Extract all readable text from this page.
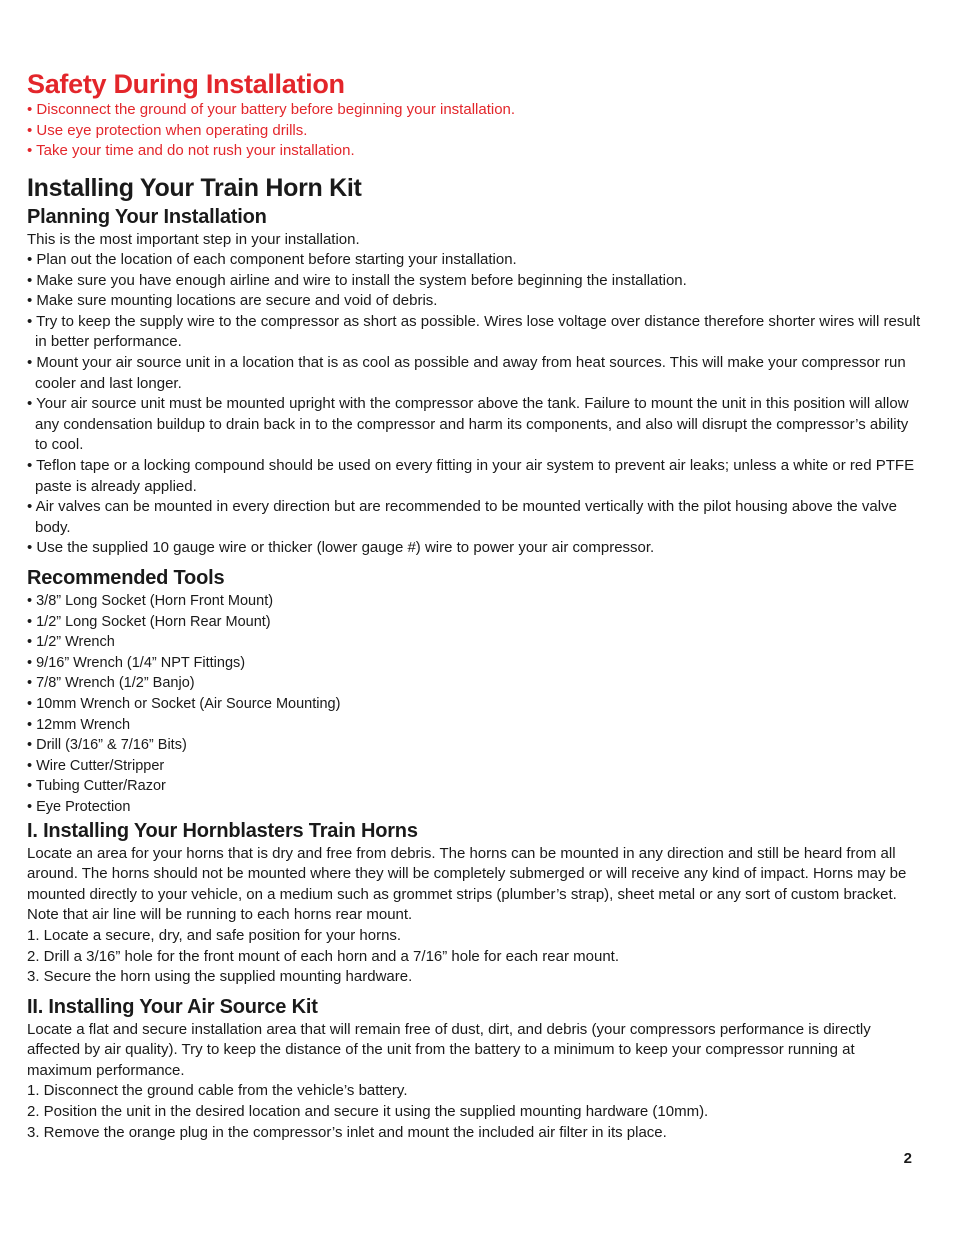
Safety During Installation

• Disconnect the ground of your battery before beginning your installation.

• Use eye protection when operating drills.

• Take your time and do not rush your installation.

Installing Your Train Horn Kit
Planning Your Installation

This is the most important step in your installation.

• Plan out the location of each component before starting your installation.

• Make sure you have enough airline and wire to install the system before beginning the installation.

• Make sure mounting locations are secure and void of debris.

• Try to keep the supply wire to the compressor as short as possible. Wires lose voltage over distance therefore shorter wires will result in better performance.

• Mount your air source unit in a location that is as cool as possible and away from heat sources. This will make your compressor run cooler and last longer.

• Your air source unit must be mounted upright with the compressor above the tank. Failure to mount the unit in this position will allow any condensation buildup to drain back in to the compressor and harm its components, and also will disrupt the compressor’s ability to cool.

• Teflon tape or a locking compound should be used on every fitting in your air system to prevent air leaks; unless a white or red PTFE paste is already applied.

• Air valves can be mounted in every direction but are recommended to be mounted vertically with the pilot housing above the valve body.

• Use the supplied 10 gauge wire or thicker (lower gauge #) wire to power your air compressor.

Recommended Tools

• 3/8” Long Socket (Horn Front Mount)

• 1/2” Long Socket (Horn Rear Mount)

• 1/2” Wrench

• 9/16” Wrench (1/4” NPT Fittings)

• 7/8” Wrench (1/2” Banjo)

• 10mm Wrench or Socket (Air Source Mounting)

• 12mm Wrench

• Drill (3/16” & 7/16” Bits)

• Wire Cutter/Stripper

• Tubing Cutter/Razor

• Eye Protection

I. Installing Your Hornblasters Train Horns

Locate an area for your horns that is dry and free from debris. The horns can be mounted in any direction and still be heard from all around. The horns should not be mounted where they will be completely submerged or will receive any kind of impact. Horns may be mounted directly to your vehicle, on a medium such as grommet strips (plumber’s strap), sheet metal or any sort of custom bracket. Note that air line will be running to each horns rear mount.

1. Locate a secure, dry, and safe position for your horns.

2. Drill a 3/16” hole for the front mount of each horn and a 7/16” hole for each rear mount.

3. Secure the horn using the supplied mounting hardware.

II. Installing Your Air Source Kit

Locate a flat and secure installation area that will remain free of dust, dirt, and debris (your compressors performance is directly affected by air quality). Try to keep the distance of the unit from the battery to a minimum to keep your compressor running at maximum performance.

1. Disconnect the ground cable from the vehicle’s battery.

2. Position the unit in the desired location and secure it using the supplied mounting hardware (10mm).

3. Remove the orange plug in the compressor’s inlet and mount the included air filter in its place.

2
